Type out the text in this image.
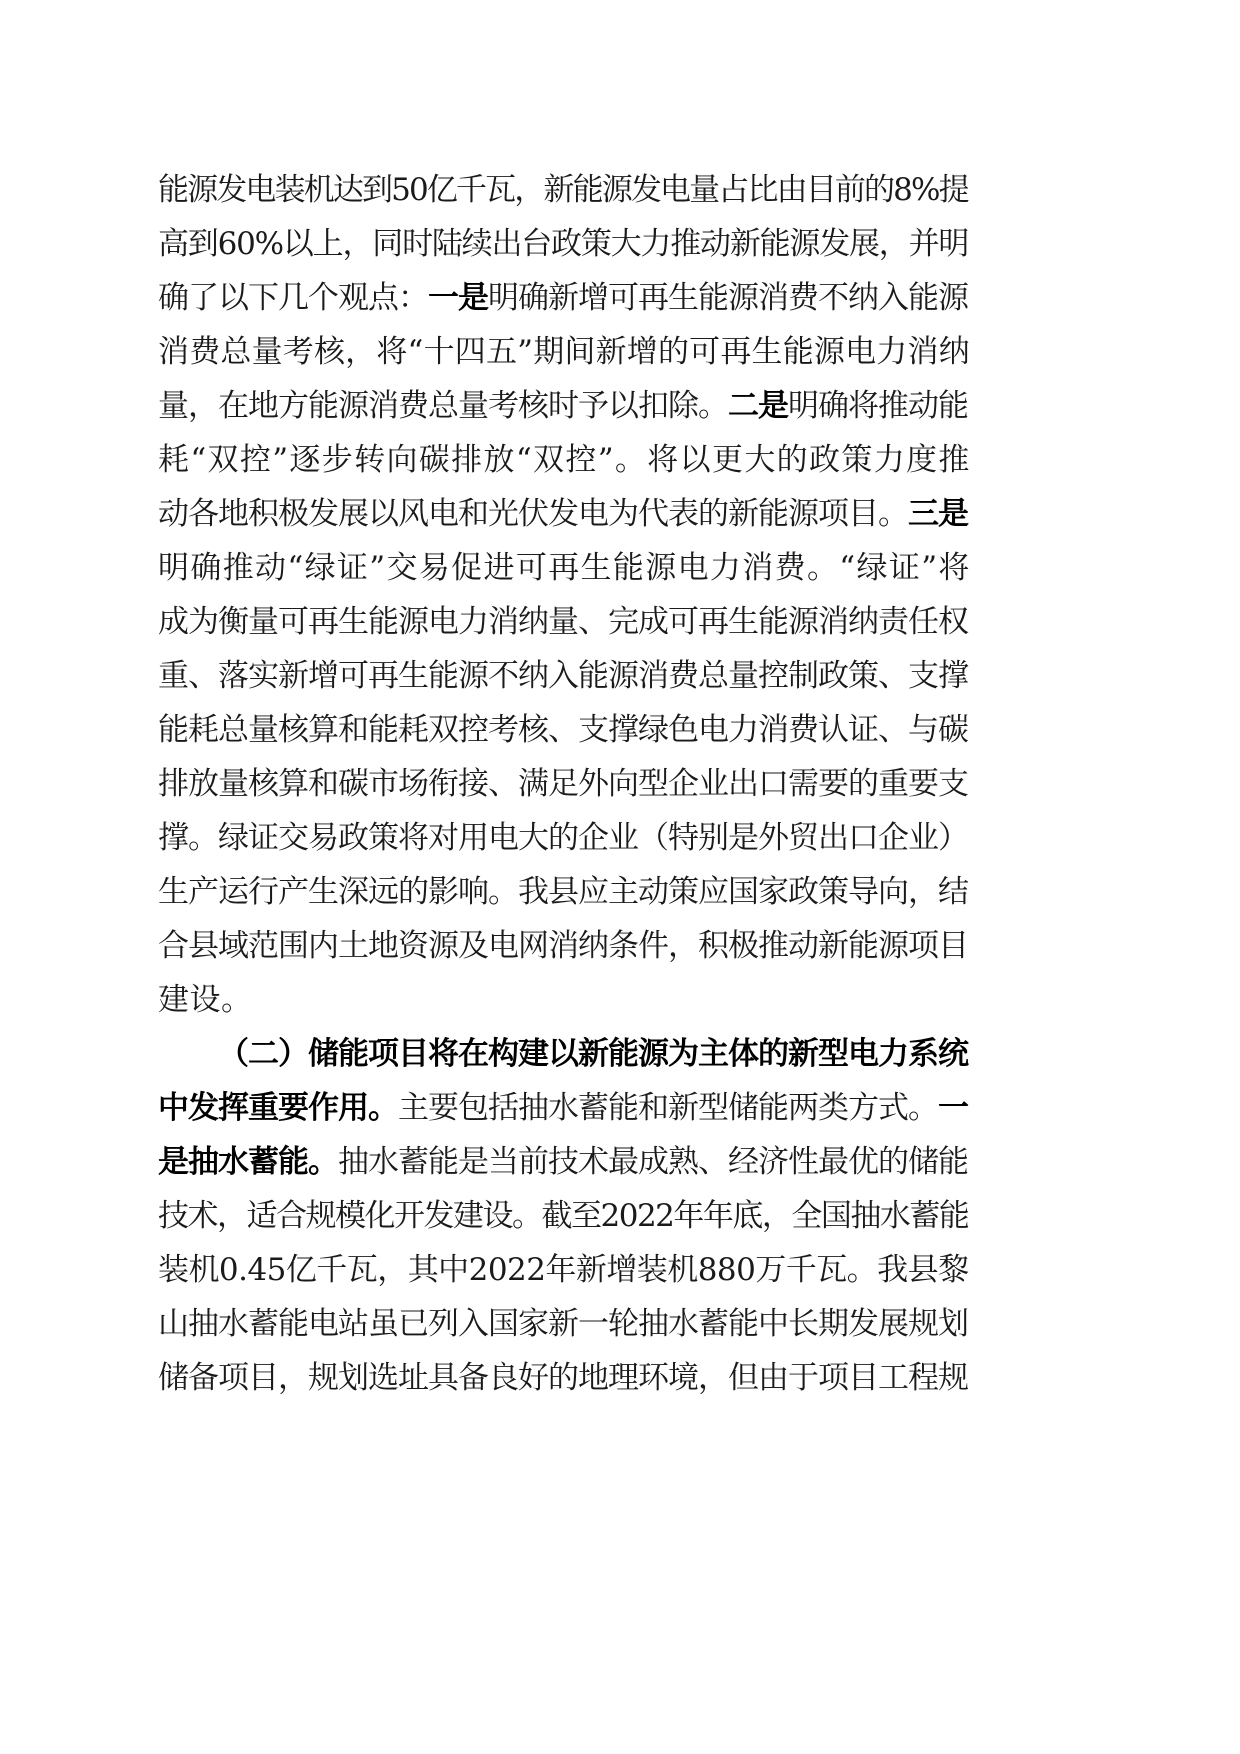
能源发电装机达到50亿千瓦，新能源发电量占比由目前的8%提
高到60%以上，同时陆续出台政策大力推动新能源发展，并明
确了以下几个观点：一是明确新增可再生能源消费不纳入能源
消费总量考核，将“十四五”期间新增的可再生能源电力消纳
量，在地方能源消费总量考核时予以扣除。二是明确将推动能
耗“双控”逐步转向碳排放“双控”。将以更大的政策力度推
动各地积极发展以风电和光伏发电为代表的新能源项目。三是
明确推动“绿证”交易促进可再生能源电力消费。“绿证”将
成为衡量可再生能源电力消纳量、完成可再生能源消纳责任权
重、落实新增可再生能源不纳入能源消费总量控制政策、支撑
能耗总量核算和能耗双控考核、支撑绿色电力消费认证、与碳
排放量核算和碳市场衔接、满足外向型企业出口需要的重要支
撑。绿证交易政策将对用电大的企业（特别是外贸出口企业）
生产运行产生深远的影响。我县应主动策应国家政策导向，结
合县域范围内土地资源及电网消纳条件，积极推动新能源项目
建设。
（二）储能项目将在构建以新能源为主体的新型电力系统
中发挥重要作用。主要包括抽水蓄能和新型储能两类方式。一
是抽水蓄能。抽水蓄能是当前技术最成熟、经济性最优的储能
技术，适合规模化开发建设。截至2022年年底，全国抽水蓄能
装机0.45亿千瓦，其中2022年新增装机880万千瓦。我县黎
山抽水蓄能电站虽已列入国家新一轮抽水蓄能中长期发展规划
储备项目，规划选址具备良好的地理环境，但由于项目工程规
